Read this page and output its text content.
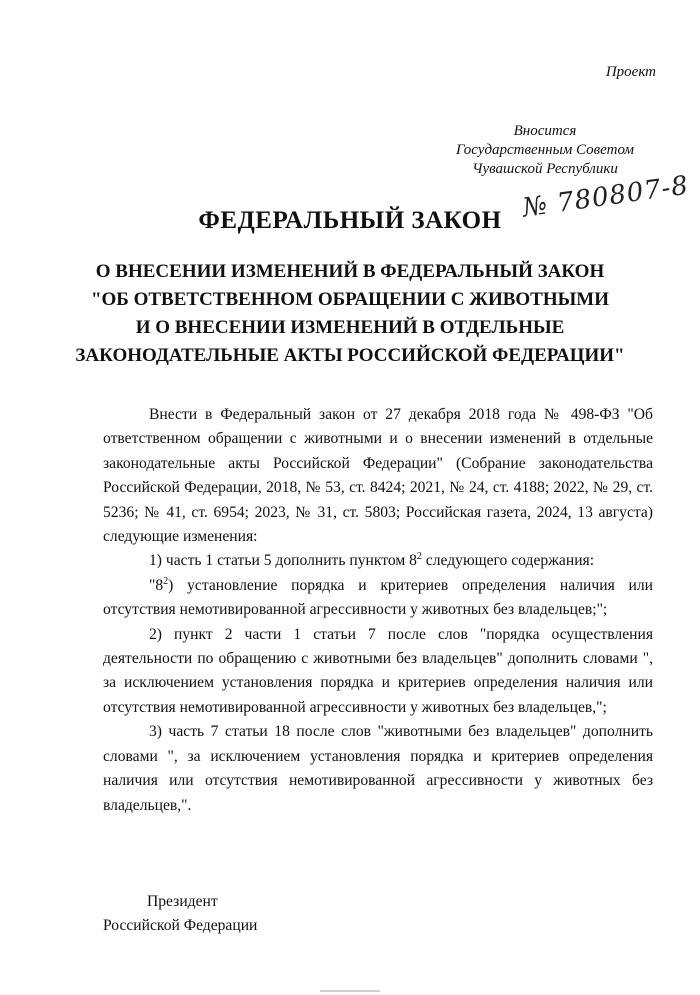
Проект
Вносится
Государственным Советом
Чувашской Республики
№ 780807-8
ФЕДЕРАЛЬНЫЙ ЗАКОН
О ВНЕСЕНИИ ИЗМЕНЕНИЙ В ФЕДЕРАЛЬНЫЙ ЗАКОН
"ОБ ОТВЕТСТВЕННОМ ОБРАЩЕНИИ С ЖИВОТНЫМИ
И О ВНЕСЕНИИ ИЗМЕНЕНИЙ В ОТДЕЛЬНЫЕ
ЗАКОНОДАТЕЛЬНЫЕ АКТЫ РОССИЙСКОЙ ФЕДЕРАЦИИ"

Внести в Федеральный закон от 27 декабря 2018 года № 498-ФЗ "Об ответственном обращении с животными и о внесении изменений в отдельные законодательные акты Российской Федерации" (Собрание законодательства Российской Федерации, 2018, № 53, ст. 8424; 2021, № 24, ст. 4188; 2022, № 29, ст. 5236; № 41, ст. 6954; 2023, № 31, ст. 5803; Российская газета, 2024, 13 августа) следующие изменения:

1) часть 1 статьи 5 дополнить пунктом $8^2$ следующего содержания:

"$8^2$) установление порядка и критериев определения наличия или отсутствия немотивированной агрессивности у животных без владельцев;";

2) пункт 2 части 1 статьи 7 после слов "порядка осуществления деятельности по обращению с животными без владельцев" дополнить словами ", за исключением установления порядка и критериев определения наличия или отсутствия немотивированной агрессивности у животных без владельцев,";

3) часть 7 статьи 18 после слов "животными без владельцев" дополнить словами ", за исключением установления порядка и критериев определения наличия или отсутствия немотивированной агрессивности у животных без владельцев,".

Президент
Российской Федерации
